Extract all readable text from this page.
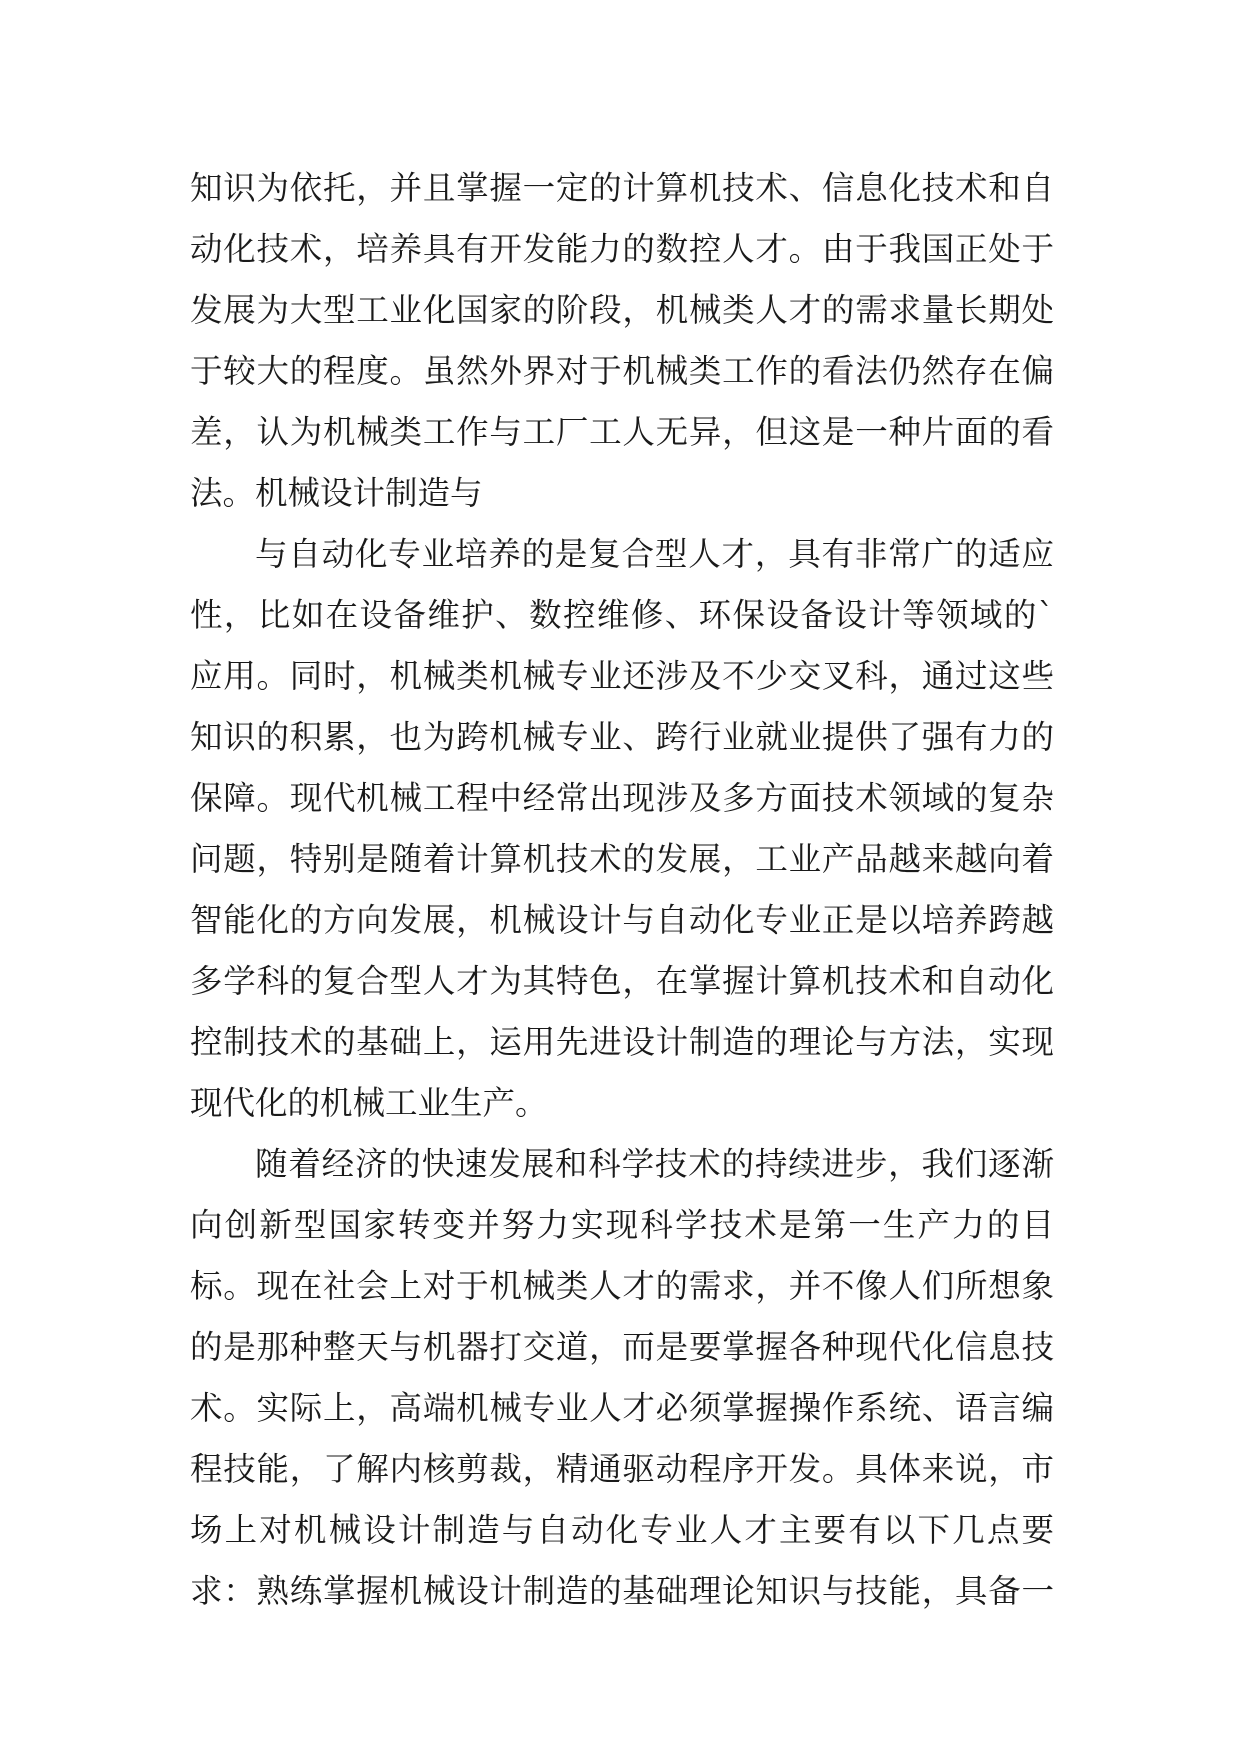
知识为依托，并且掌握一定的计算机技术、信息化技术和自
动化技术，培养具有开发能力的数控人才。由于我国正处于
发展为大型工业化国家的阶段，机械类人才的需求量长期处
于较大的程度。虽然外界对于机械类工作的看法仍然存在偏
差，认为机械类工作与工厂工人无异，但这是一种片面的看
法。机械设计制造与
与自动化专业培养的是复合型人才，具有非常广的适应
性，比如在设备维护、数控维修、环保设备设计等领域的`
应用。同时，机械类机械专业还涉及不少交叉科，通过这些
知识的积累，也为跨机械专业、跨行业就业提供了强有力的
保障。现代机械工程中经常出现涉及多方面技术领域的复杂
问题，特别是随着计算机技术的发展，工业产品越来越向着
智能化的方向发展，机械设计与自动化专业正是以培养跨越
多学科的复合型人才为其特色，在掌握计算机技术和自动化
控制技术的基础上，运用先进设计制造的理论与方法，实现
现代化的机械工业生产。
随着经济的快速发展和科学技术的持续进步，我们逐渐
向创新型国家转变并努力实现科学技术是第一生产力的目
标。现在社会上对于机械类人才的需求，并不像人们所想象
的是那种整天与机器打交道，而是要掌握各种现代化信息技
术。实际上，高端机械专业人才必须掌握操作系统、语言编
程技能，了解内核剪裁，精通驱动程序开发。具体来说，市
场上对机械设计制造与自动化专业人才主要有以下几点要
求：熟练掌握机械设计制造的基础理论知识与技能，具备一
